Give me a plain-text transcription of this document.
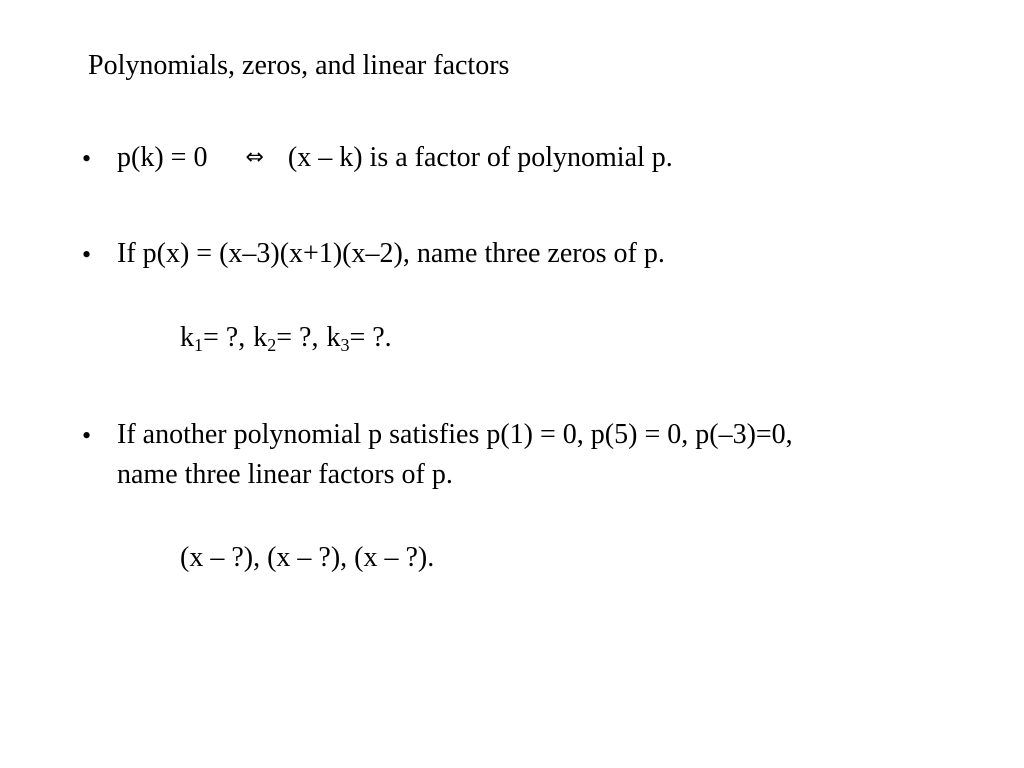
Polynomials, zeros, and linear factors
• p(k) = 0 ⇔ (x – k) is a factor of polynomial p.
• If p(x) = (x–3)(x+1)(x–2), name three zeros of p.
$k_1=$ ?, $k_2=$ ?, $k_3=$ ?.
• If another polynomial p satisfies p(1) = 0, p(5) = 0, p(–3)=0,
name three linear factors of p.
(x – ?), (x – ?), (x – ?).
